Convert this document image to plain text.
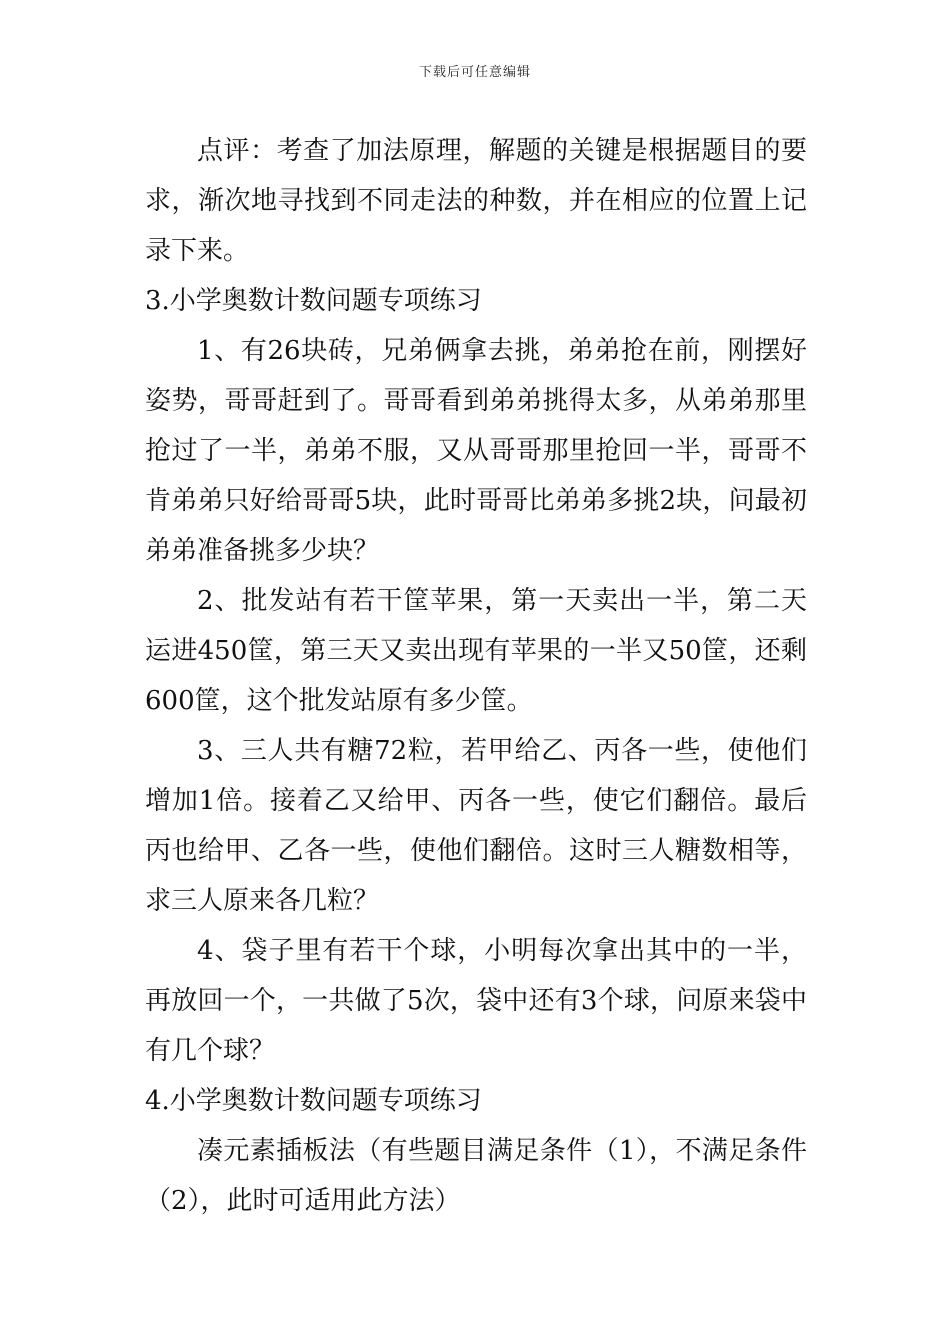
下载后可任意编辑

点评：考查了加法原理，解题的关键是根据题目的要求，渐次地寻找到不同走法的种数，并在相应的位置上记录下来。

3.小学奥数计数问题专项练习

1、有26块砖，兄弟俩拿去挑，弟弟抢在前，刚摆好姿势，哥哥赶到了。哥哥看到弟弟挑得太多，从弟弟那里抢过了一半，弟弟不服，又从哥哥那里抢回一半，哥哥不肯弟弟只好给哥哥5块，此时哥哥比弟弟多挑2块，问最初弟弟准备挑多少块？

2、批发站有若干筐苹果，第一天卖出一半，第二天运进450筐，第三天又卖出现有苹果的一半又50筐，还剩600筐，这个批发站原有多少筐。

3、三人共有糖72粒，若甲给乙、丙各一些，使他们增加1倍。接着乙又给甲、丙各一些，使它们翻倍。最后丙也给甲、乙各一些，使他们翻倍。这时三人糖数相等，求三人原来各几粒？

4、袋子里有若干个球，小明每次拿出其中的一半，再放回一个，一共做了5次，袋中还有3个球，问原来袋中有几个球？

4.小学奥数计数问题专项练习

凑元素插板法（有些题目满足条件（1），不满足条件（2），此时可适用此方法）
